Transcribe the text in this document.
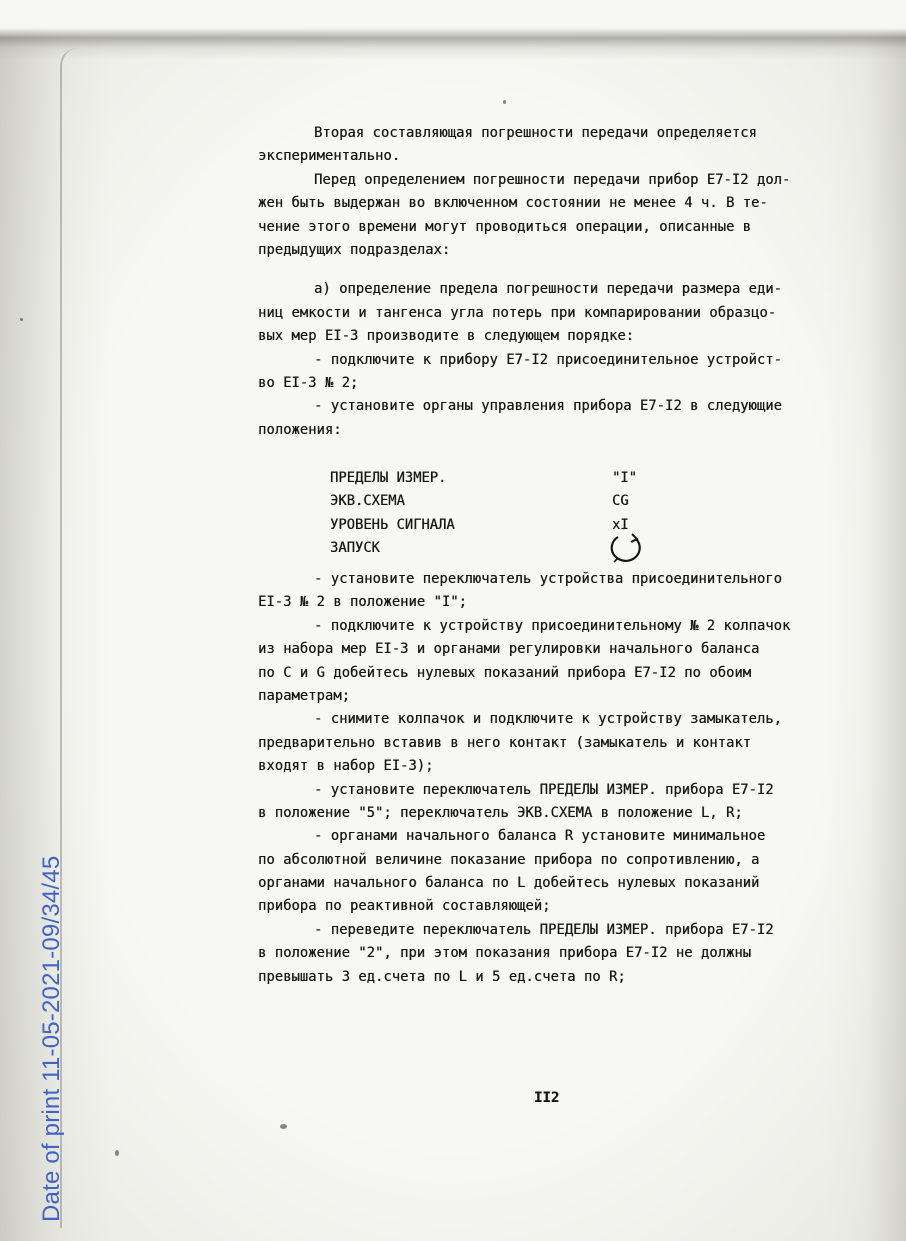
Вторая составляющая погрешности передачи определяется
экспериментально.
Перед определением погрешности передачи прибор Е7-I2 дол-
жен быть выдержан во включенном состоянии не менее 4 ч. В те-
чение этого времени могут проводиться операции, описанные в
предыдущих подразделах:
а) определение предела погрешности передачи размера еди-
ниц емкости и тангенса угла потерь при компарировании образцо-
вых мер ЕI-3 производите в следующем порядке:
- подключите к прибору Е7-I2 присоединительное устройст-
во ЕI-3 № 2;
- установите органы управления прибора Е7-I2 в следующие
положения:
ПРЕДЕЛЫ ИЗМЕР.	"I"
ЭКВ.СХЕМА	CG
УРОВЕНЬ СИГНАЛА	xI
ЗАПУСК
- установите переключатель устройства присоединительного
ЕI-3 № 2 в положение "I";
- подключите к устройству присоединительному № 2 колпачок
из набора мер ЕI-3 и органами регулировки начального баланса
по С и G добейтесь нулевых показаний прибора Е7-I2 по обоим
параметрам;
- снимите колпачок и подключите к устройству замыкатель,
предварительно вставив в него контакт (замыкатель и контакт
входят в набор ЕI-3);
- установите переключатель ПРЕДЕЛЫ ИЗМЕР. прибора Е7-I2
в положение "5"; переключатель ЭКВ.СХЕМА в положение L, R;
- органами начального баланса R установите минимальное
по абсолютной величине показание прибора по сопротивлению, а
органами начального баланса по L добейтесь нулевых показаний
прибора по реактивной составляющей;
- переведите переключатель ПРЕДЕЛЫ ИЗМЕР. прибора Е7-I2
в положение "2", при этом показания прибора Е7-I2 не должны
превышать 3 ед.счета по L и 5 ед.счета по R;
II2
Date of print 11-05-2021-09/34/45
